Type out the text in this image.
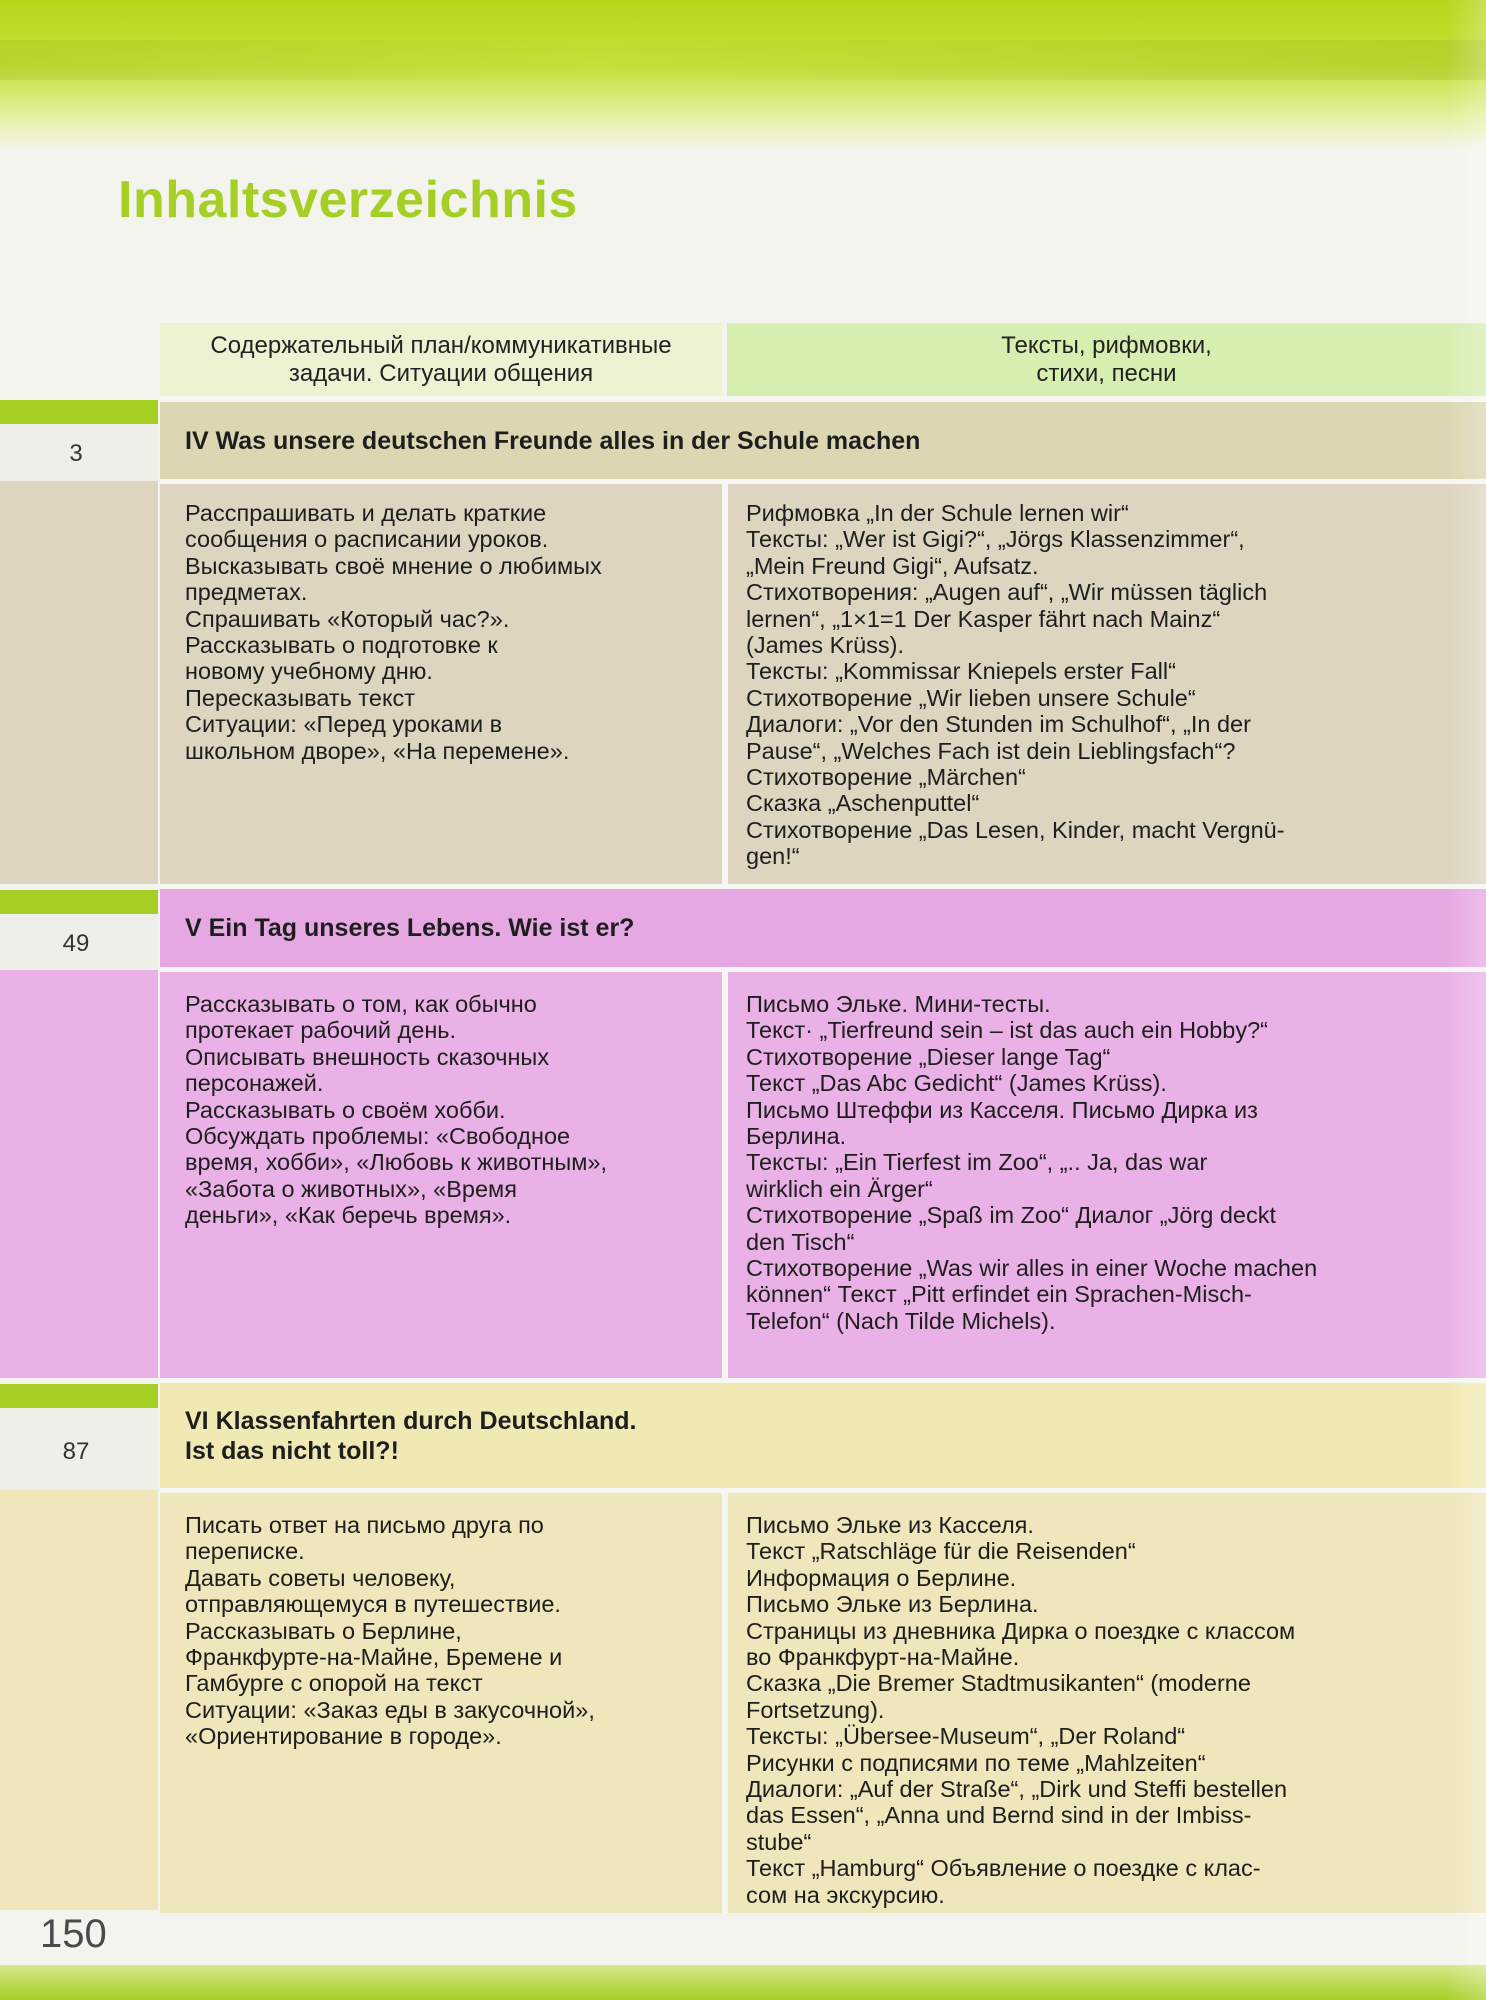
Inhaltsverzeichnis
Содержательный план/коммуникативные
задачи. Ситуации общения
Тексты, рифмовки,
стихи, песни
3	IV Was unsere deutschen Freunde alles in der Schule machen
Расспрашивать и делать краткие
сообщения о расписании уроков.
Высказывать своё мнение о любимых
предметах.
Спрашивать «Который час?».
Рассказывать о подготовке к
новому учебному дню.
Пересказывать текст
Ситуации: «Перед уроками в
школьном дворе», «На перемене».
Рифмовка „In der Schule lernen wir“
Тексты: „Wer ist Gigi?“, „Jörgs Klassenzimmer“,
„Mein Freund Gigi“, Aufsatz.
Стихотворения: „Augen auf“, „Wir müssen täglich
lernen“, „1×1=1 Der Kasper fährt nach Mainz“
(James Krüss).
Тексты: „Kommissar Kniepels erster Fall“
Стихотворение „Wir lieben unsere Schule“
Диалоги: „Vor den Stunden im Schulhof“, „In der
Pause“, „Welches Fach ist dein Lieblingsfach“?
Стихотворение „Märchen“
Сказка „Aschenputtel“
Стихотворение „Das Lesen, Kinder, macht Vergnü-
gen!“
49
V Ein Tag unseres Lebens. Wie ist er?
Рассказывать о том, как обычно
протекает рабочий день.
Описывать внешность сказочных
персонажей.
Рассказывать о своём хобби.
Обсуждать проблемы: «Свободное
время, хобби», «Любовь к животным»,
«Забота о животных», «Время
деньги», «Как беречь время».
Письмо Эльке. Мини-тесты.
Текст· „Tierfreund sein – ist das auch ein Hobby?“
Стихотворение „Dieser lange Tag“
Текст „Das Abc Gedicht“ (James Krüss).
Письмо Штеффи из Касселя. Письмо Дирка из
Берлина.
Тексты: „Ein Tierfest im Zoo“, „.. Ja, das war
wirklich ein Ärger“
Стихотворение „Spaß im Zoo“ Диалог „Jörg deckt
den Tisch“
Стихотворение „Was wir alles in einer Woche machen
können“ Текст „Pitt erfindet ein Sprachen-Misch-
Telefon“ (Nach Tilde Michels).
87
VI Klassenfahrten durch Deutschland.
Ist das nicht toll?!
Писать ответ на письмо друга по
переписке.
Давать советы человеку,
отправляющемуся в путешествие.
Рассказывать о Берлине,
Франкфурте-на-Майне, Бремене и
Гамбурге с опорой на текст
Ситуации: «Заказ еды в закусочной»,
«Ориентирование в городе».
Письмо Эльке из Касселя.
Текст „Ratschläge für die Reisenden“
Информация о Берлине.
Письмо Эльке из Берлина.
Страницы из дневника Дирка о поездке с классом
во Франкфурт-на-Майне.
Сказка „Die Bremer Stadtmusikanten“ (moderne
Fortsetzung).
Тексты: „Übersee-Museum“, „Der Roland“
Рисунки с подписями по теме „Mahlzeiten“
Диалоги: „Auf der Straße“, „Dirk und Steffi bestellen
das Essen“, „Anna und Bernd sind in der Imbiss-
stube“
Текст „Hamburg“ Объявление о поездке с клас-
сом на экскурсию.
150
